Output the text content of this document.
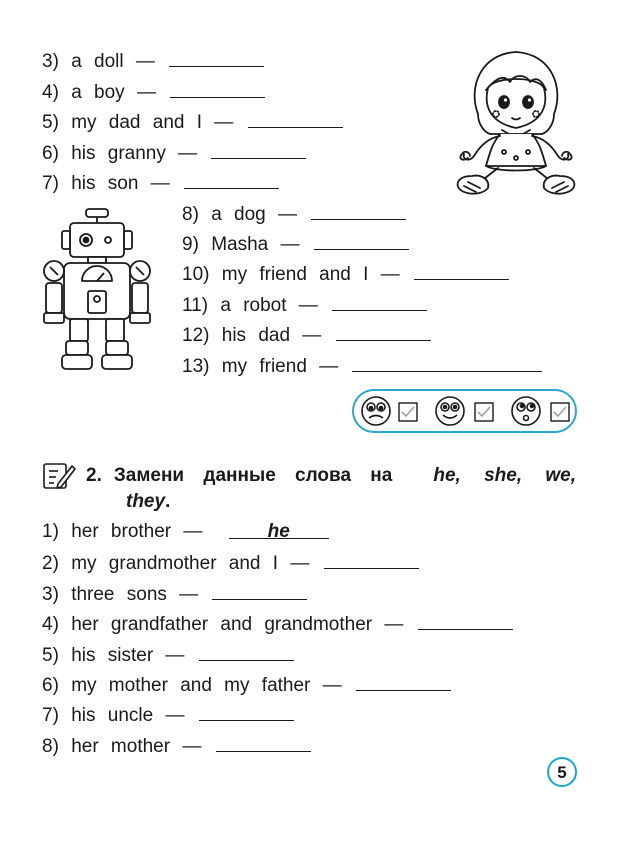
3) a doll —
4) a boy —
5) my dad and I —
6) his granny —
7) his son —
8) a dog —
9) Masha —
10) my friend and I —
11) a robot —
12) his dad —
13) my friend —
2. Замени данные слова на	he, she, we,
they.
1) her brother —	he
2) my grandmother and I —
3) three sons —
4) her grandfather and grandmother —
5) his sister —
6) my mother and my father —
7) his uncle —
8) her mother —
5
